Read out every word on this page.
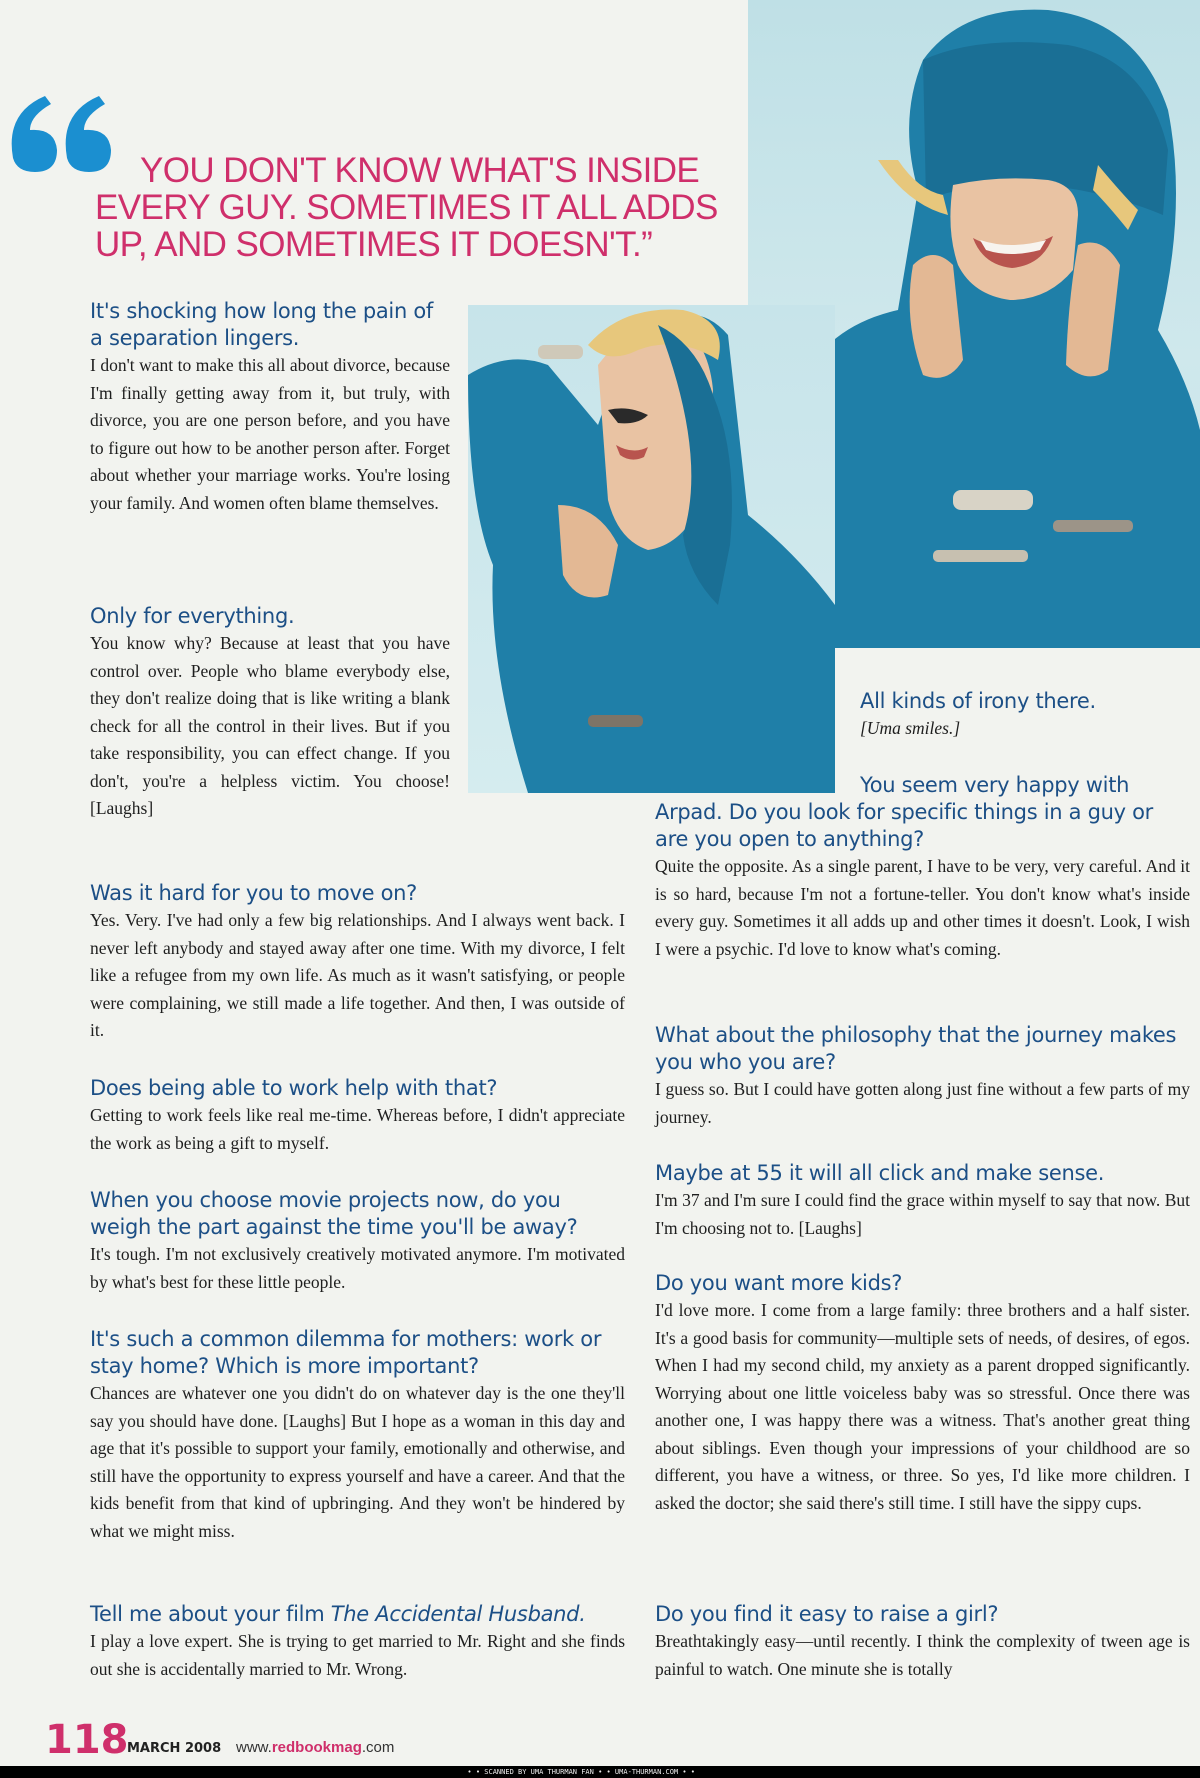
YOU DON'T KNOW WHAT'S INSIDE
EVERY GUY. SOMETIMES IT ALL ADDS
UP, AND SOMETIMES IT DOESN'T.”

It's shocking how long the pain of a separation lingers.

I don't want to make this all about divorce, because I'm finally getting away from it, but truly, with divorce, you are one person before, and you have to figure out how to be another person after. Forget about whether your marriage works. You're losing your family. And women often blame themselves.

Only for everything.

You know why? Because at least that you have control over. People who blame everybody else, they don't realize doing that is like writing a blank check for all the control in their lives. But if you take responsibility, you can effect change. If you don't, you're a helpless victim. You choose! [Laughs]

Was it hard for you to move on?

Yes. Very. I've had only a few big relationships. And I always went back. I never left anybody and stayed away after one time. With my divorce, I felt like a refugee from my own life. As much as it wasn't satisfying, or people were complaining, we still made a life together. And then, I was outside of it.

Does being able to work help with that?

Getting to work feels like real me-time. Whereas before, I didn't appreciate the work as being a gift to myself.

When you choose movie projects now, do you weigh the part against the time you'll be away?

It's tough. I'm not exclusively creatively motivated anymore. I'm motivated by what's best for these little people.

It's such a common dilemma for mothers: work or stay home? Which is more important?

Chances are whatever one you didn't do on whatever day is the one they'll say you should have done. [Laughs] But I hope as a woman in this day and age that it's possible to support your family, emotionally and otherwise, and still have the opportunity to express yourself and have a career. And that the kids benefit from that kind of upbringing. And they won't be hindered by what we might miss.

Tell me about your film The Accidental Husband.

I play a love expert. She is trying to get married to Mr. Right and she finds out she is accidentally married to Mr. Wrong.

All kinds of irony there.

[Uma smiles.]

You seem very happy with Arpad. Do you look for specific things in a guy or are you open to anything?

Quite the opposite. As a single parent, I have to be very, very careful. And it is so hard, because I'm not a fortune-teller. You don't know what's inside every guy. Sometimes it all adds up and other times it doesn't. Look, I wish I were a psychic. I'd love to know what's coming.

What about the philosophy that the journey makes you who you are?

I guess so. But I could have gotten along just fine without a few parts of my journey.

Maybe at 55 it will all click and make sense.

I'm 37 and I'm sure I could find the grace within myself to say that now. But I'm choosing not to. [Laughs]

Do you want more kids?

I'd love more. I come from a large family: three brothers and a half sister. It's a good basis for community—multiple sets of needs, of desires, of egos. When I had my second child, my anxiety as a parent dropped significantly. Worrying about one little voiceless baby was so stressful. Once there was another one, I was happy there was a witness. That's another great thing about siblings. Even though your impressions of your childhood are so different, you have a witness, or three. So yes, I'd like more children. I asked the doctor; she said there's still time. I still have the sippy cups.

Do you find it easy to raise a girl?

Breathtakingly easy—until recently. I think the complexity of tween age is painful to watch. One minute she is totally

118
MARCH 2008 www.redbookmag.com
• • SCANNED BY UMA THURMAN FAN • • UMA-THURMAN.COM • •
